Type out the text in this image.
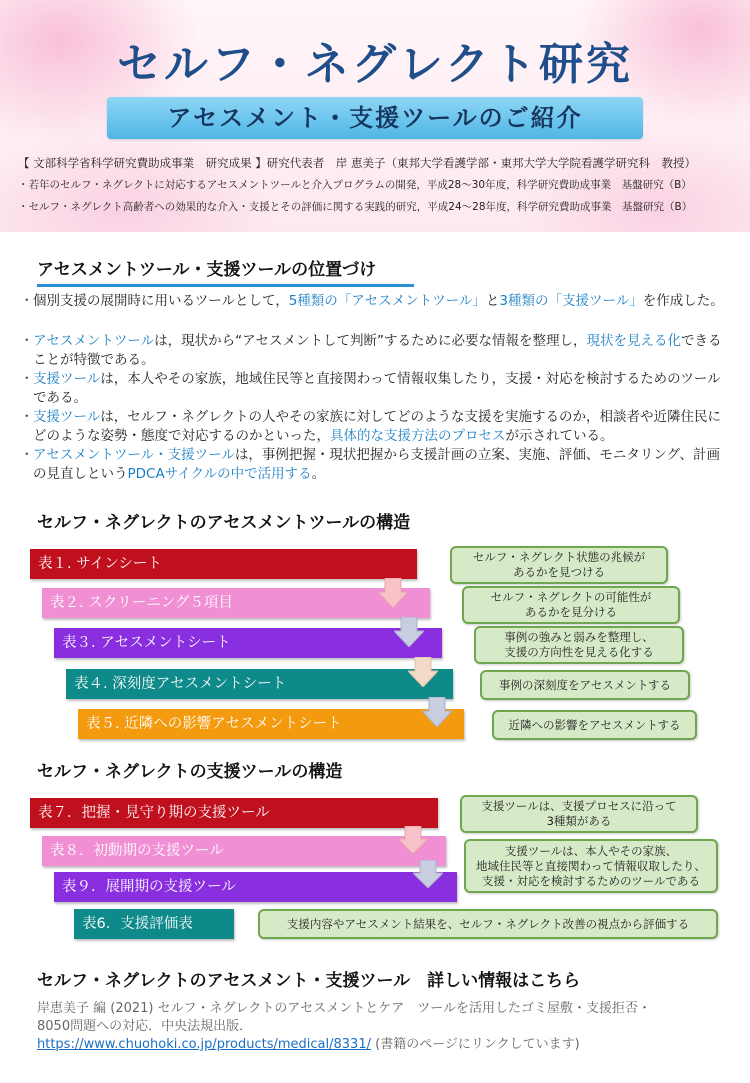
セルフ・ネグレクト研究
アセスメント・支援ツールのご紹介
【 文部科学省科学研究費助成事業　研究成果 】研究代表者　岸 恵美子（東邦大学看護学部・東邦大学大学院看護学研究科　教授）
・若年のセルフ・ネグレクトに対応するアセスメントツールと介入プログラムの開発，平成28〜30年度，科学研究費助成事業　基盤研究（B）
・セルフ・ネグレクト高齢者への効果的な介入・支援とその評価に関する実践的研究，平成24〜28年度，科学研究費助成事業　基盤研究（B）
アセスメントツール・支援ツールの位置づけ
・ 個別支援の展開時に用いるツールとして，5種類の「アセスメントツール」と3種類の「支援ツール」を作成した。
・ アセスメントツールは，現状から“アセスメントして判断”するために必要な情報を整理し，現状を見える化できることが特徴である。
・ 支援ツールは，本人やその家族，地域住民等と直接関わって情報収集したり，支援・対応を検討するためのツールである。
・ 支援ツールは，セルフ・ネグレクトの人やその家族に対してどのような支援を実施するのか，相談者や近隣住民にどのような姿勢・態度で対応するのかといった，具体的な支援方法のプロセスが示されている。
・ アセスメントツール・支援ツールは，事例把握・現状把握から支援計画の立案、実施、評価、モニタリング、計画の見直しというPDCAサイクルの中で活用する。
セルフ・ネグレクトのアセスメントツールの構造
表１. サインシート
表２. スクリーニング５項目
表３. アセスメントシート
表４. 深刻度アセスメントシート
表５. 近隣への影響アセスメントシート
セルフ・ネグレクト状態の兆候が
あるかを見つける
セルフ・ネグレクトの可能性が
あるかを見分ける
事例の強みと弱みを整理し、
支援の方向性を見える化する
事例の深刻度をアセスメントする
近隣への影響をアセスメントする
セルフ・ネグレクトの支援ツールの構造
表７．把握・見守り期の支援ツール
表８．初動期の支援ツール
表９．展開期の支援ツール
表6．支援評価表
支援ツールは、支援プロセスに沿って
3種類がある
支援ツールは、本人やその家族、
地域住民等と直接関わって情報収取したり、
支援・対応を検討するためのツールである
支援内容やアセスメント結果を、セルフ・ネグレクト改善の視点から評価する
セルフ・ネグレクトのアセスメント・支援ツール　詳しい情報はこちら
岸恵美子 編 (2021) セルフ・ネグレクトのアセスメントとケア　ツールを活用したゴミ屋敷・支援拒否・
8050問題への対応．中央法規出版．
https://www.chuohoki.co.jp/products/medical/8331/ (書籍のページにリンクしています)
